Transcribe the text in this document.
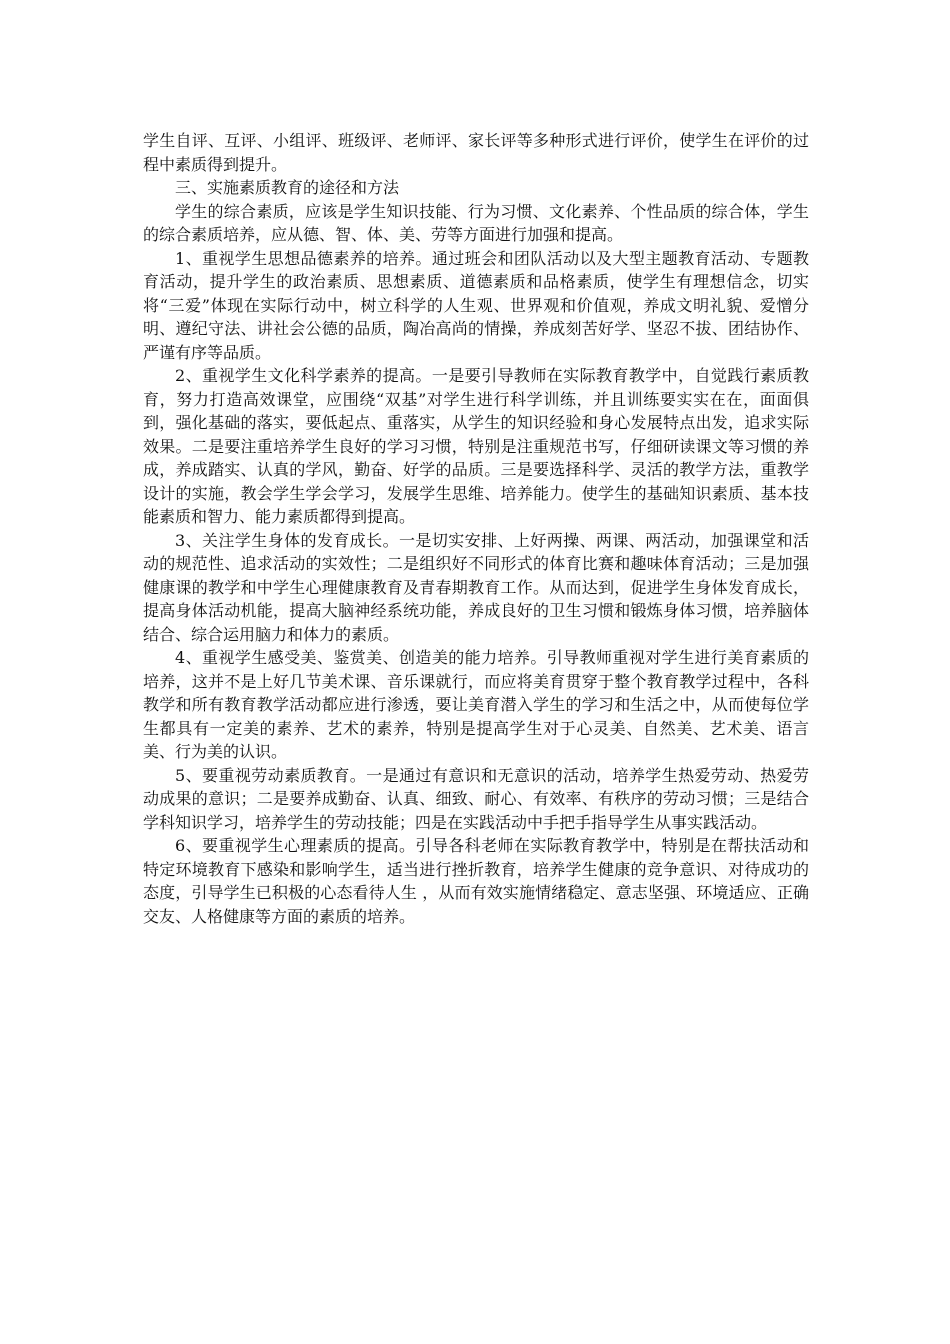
学生自评、互评、小组评、班级评、老师评、家长评等多种形式进行评价，使学生在评价的过程中素质得到提升。

三、实施素质教育的途径和方法

学生的综合素质，应该是学生知识技能、行为习惯、文化素养、个性品质的综合体，学生的综合素质培养，应从德、智、体、美、劳等方面进行加强和提高。

1、重视学生思想品德素养的培养。通过班会和团队活动以及大型主题教育活动、专题教育活动，提升学生的政治素质、思想素质、道德素质和品格素质，使学生有理想信念，切实将“三爱”体现在实际行动中，树立科学的人生观、世界观和价值观，养成文明礼貌、爱憎分明、遵纪守法、讲社会公德的品质，陶冶高尚的情操，养成刻苦好学、坚忍不拔、团结协作、严谨有序等品质。

2、重视学生文化科学素养的提高。一是要引导教师在实际教育教学中，自觉践行素质教育，努力打造高效课堂，应围绕“双基”对学生进行科学训练，并且训练要实实在在，面面俱到，强化基础的落实，要低起点、重落实，从学生的知识经验和身心发展特点出发，追求实际效果。二是要注重培养学生良好的学习习惯，特别是注重规范书写，仔细研读课文等习惯的养成，养成踏实、认真的学风，勤奋、好学的品质。三是要选择科学、灵活的教学方法，重教学设计的实施，教会学生学会学习，发展学生思维、培养能力。使学生的基础知识素质、基本技能素质和智力、能力素质都得到提高。

3、关注学生身体的发育成长。一是切实安排、上好两操、两课、两活动，加强课堂和活动的规范性、追求活动的实效性；二是组织好不同形式的体育比赛和趣味体育活动；三是加强健康课的教学和中学生心理健康教育及青春期教育工作。从而达到，促进学生身体发育成长，提高身体活动机能，提高大脑神经系统功能，养成良好的卫生习惯和锻炼身体习惯，培养脑体结合、综合运用脑力和体力的素质。

4、重视学生感受美、鉴赏美、创造美的能力培养。引导教师重视对学生进行美育素质的培养，这并不是上好几节美术课、音乐课就行，而应将美育贯穿于整个教育教学过程中，各科教学和所有教育教学活动都应进行渗透，要让美育潜入学生的学习和生活之中，从而使每位学生都具有一定美的素养、艺术的素养，特别是提高学生对于心灵美、自然美、艺术美、语言美、行为美的认识。

5、要重视劳动素质教育。一是通过有意识和无意识的活动，培养学生热爱劳动、热爱劳动成果的意识；二是要养成勤奋、认真、细致、耐心、有效率、有秩序的劳动习惯；三是结合学科知识学习，培养学生的劳动技能；四是在实践活动中手把手指导学生从事实践活动。

6、要重视学生心理素质的提高。引导各科老师在实际教育教学中，特别是在帮扶活动和特定环境教育下感染和影响学生，适当进行挫折教育，培养学生健康的竞争意识、对待成功的态度，引导学生已积极的心态看待人生 ，从而有效实施情绪稳定、意志坚强、环境适应、正确交友、人格健康等方面的素质的培养。
